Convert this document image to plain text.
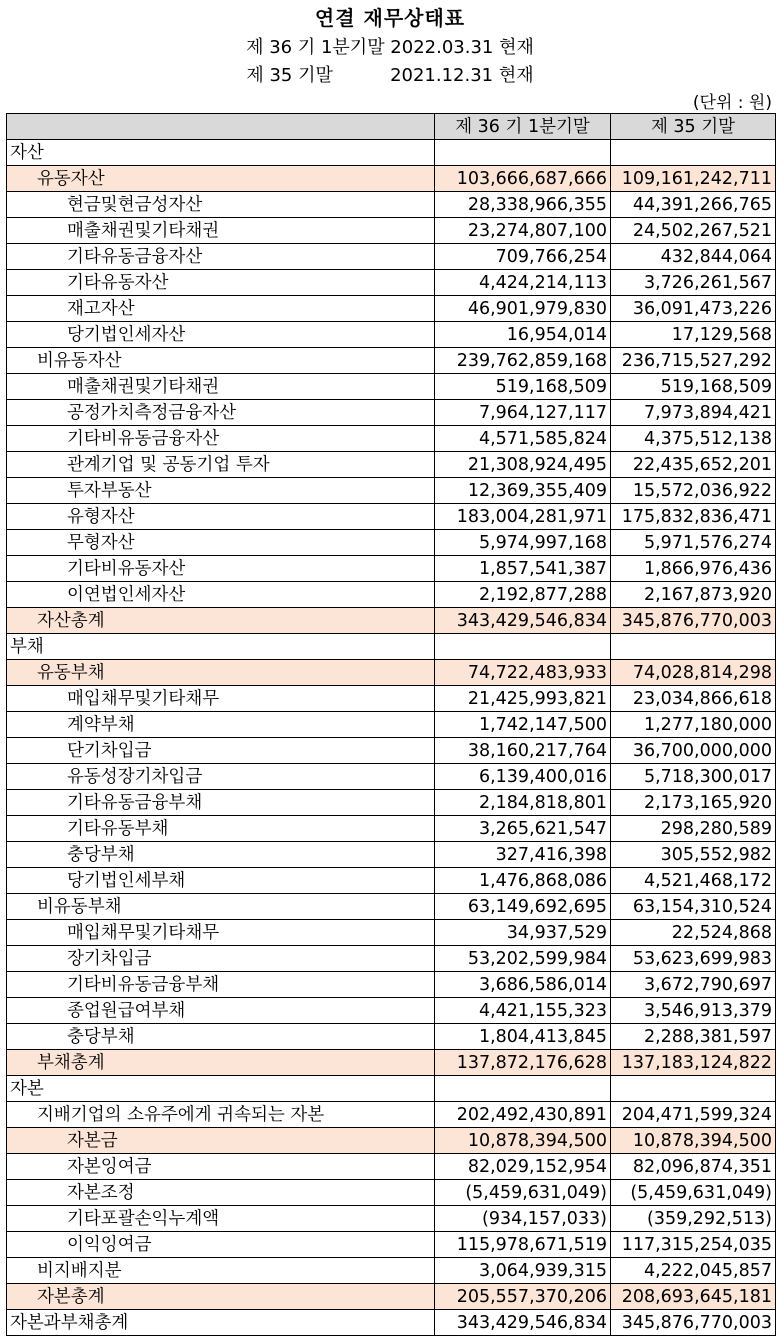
연결 재무상태표
제 36 기 1분기말 2022.03.31 현재
제 35 기말          2021.12.31 현재
(단위 : 원)
	제 36 기 1분기말	제 35 기말
자산		
유동자산	103,666,687,666	109,161,242,711
현금및현금성자산	28,338,966,355	44,391,266,765
매출채권및기타채권	23,274,807,100	24,502,267,521
기타유동금융자산	709,766,254	432,844,064
기타유동자산	4,424,214,113	3,726,261,567
재고자산	46,901,979,830	36,091,473,226
당기법인세자산	16,954,014	17,129,568
비유동자산	239,762,859,168	236,715,527,292
매출채권및기타채권	519,168,509	519,168,509
공정가치측정금융자산	7,964,127,117	7,973,894,421
기타비유동금융자산	4,571,585,824	4,375,512,138
관계기업 및 공동기업 투자	21,308,924,495	22,435,652,201
투자부동산	12,369,355,409	15,572,036,922
유형자산	183,004,281,971	175,832,836,471
무형자산	5,974,997,168	5,971,576,274
기타비유동자산	1,857,541,387	1,866,976,436
이연법인세자산	2,192,877,288	2,167,873,920
자산총계	343,429,546,834	345,876,770,003
부채		
유동부채	74,722,483,933	74,028,814,298
매입채무및기타채무	21,425,993,821	23,034,866,618
계약부채	1,742,147,500	1,277,180,000
단기차입금	38,160,217,764	36,700,000,000
유동성장기차입금	6,139,400,016	5,718,300,017
기타유동금융부채	2,184,818,801	2,173,165,920
기타유동부채	3,265,621,547	298,280,589
충당부채	327,416,398	305,552,982
당기법인세부채	1,476,868,086	4,521,468,172
비유동부채	63,149,692,695	63,154,310,524
매입채무및기타채무	34,937,529	22,524,868
장기차입금	53,202,599,984	53,623,699,983
기타비유동금융부채	3,686,586,014	3,672,790,697
종업원급여부채	4,421,155,323	3,546,913,379
충당부채	1,804,413,845	2,288,381,597
부채총계	137,872,176,628	137,183,124,822
자본		
지배기업의 소유주에게 귀속되는 자본	202,492,430,891	204,471,599,324
자본금	10,878,394,500	10,878,394,500
자본잉여금	82,029,152,954	82,096,874,351
자본조정	(5,459,631,049)	(5,459,631,049)
기타포괄손익누계액	(934,157,033)	(359,292,513)
이익잉여금	115,978,671,519	117,315,254,035
비지배지분	3,064,939,315	4,222,045,857
자본총계	205,557,370,206	208,693,645,181
자본과부채총계	343,429,546,834	345,876,770,003
